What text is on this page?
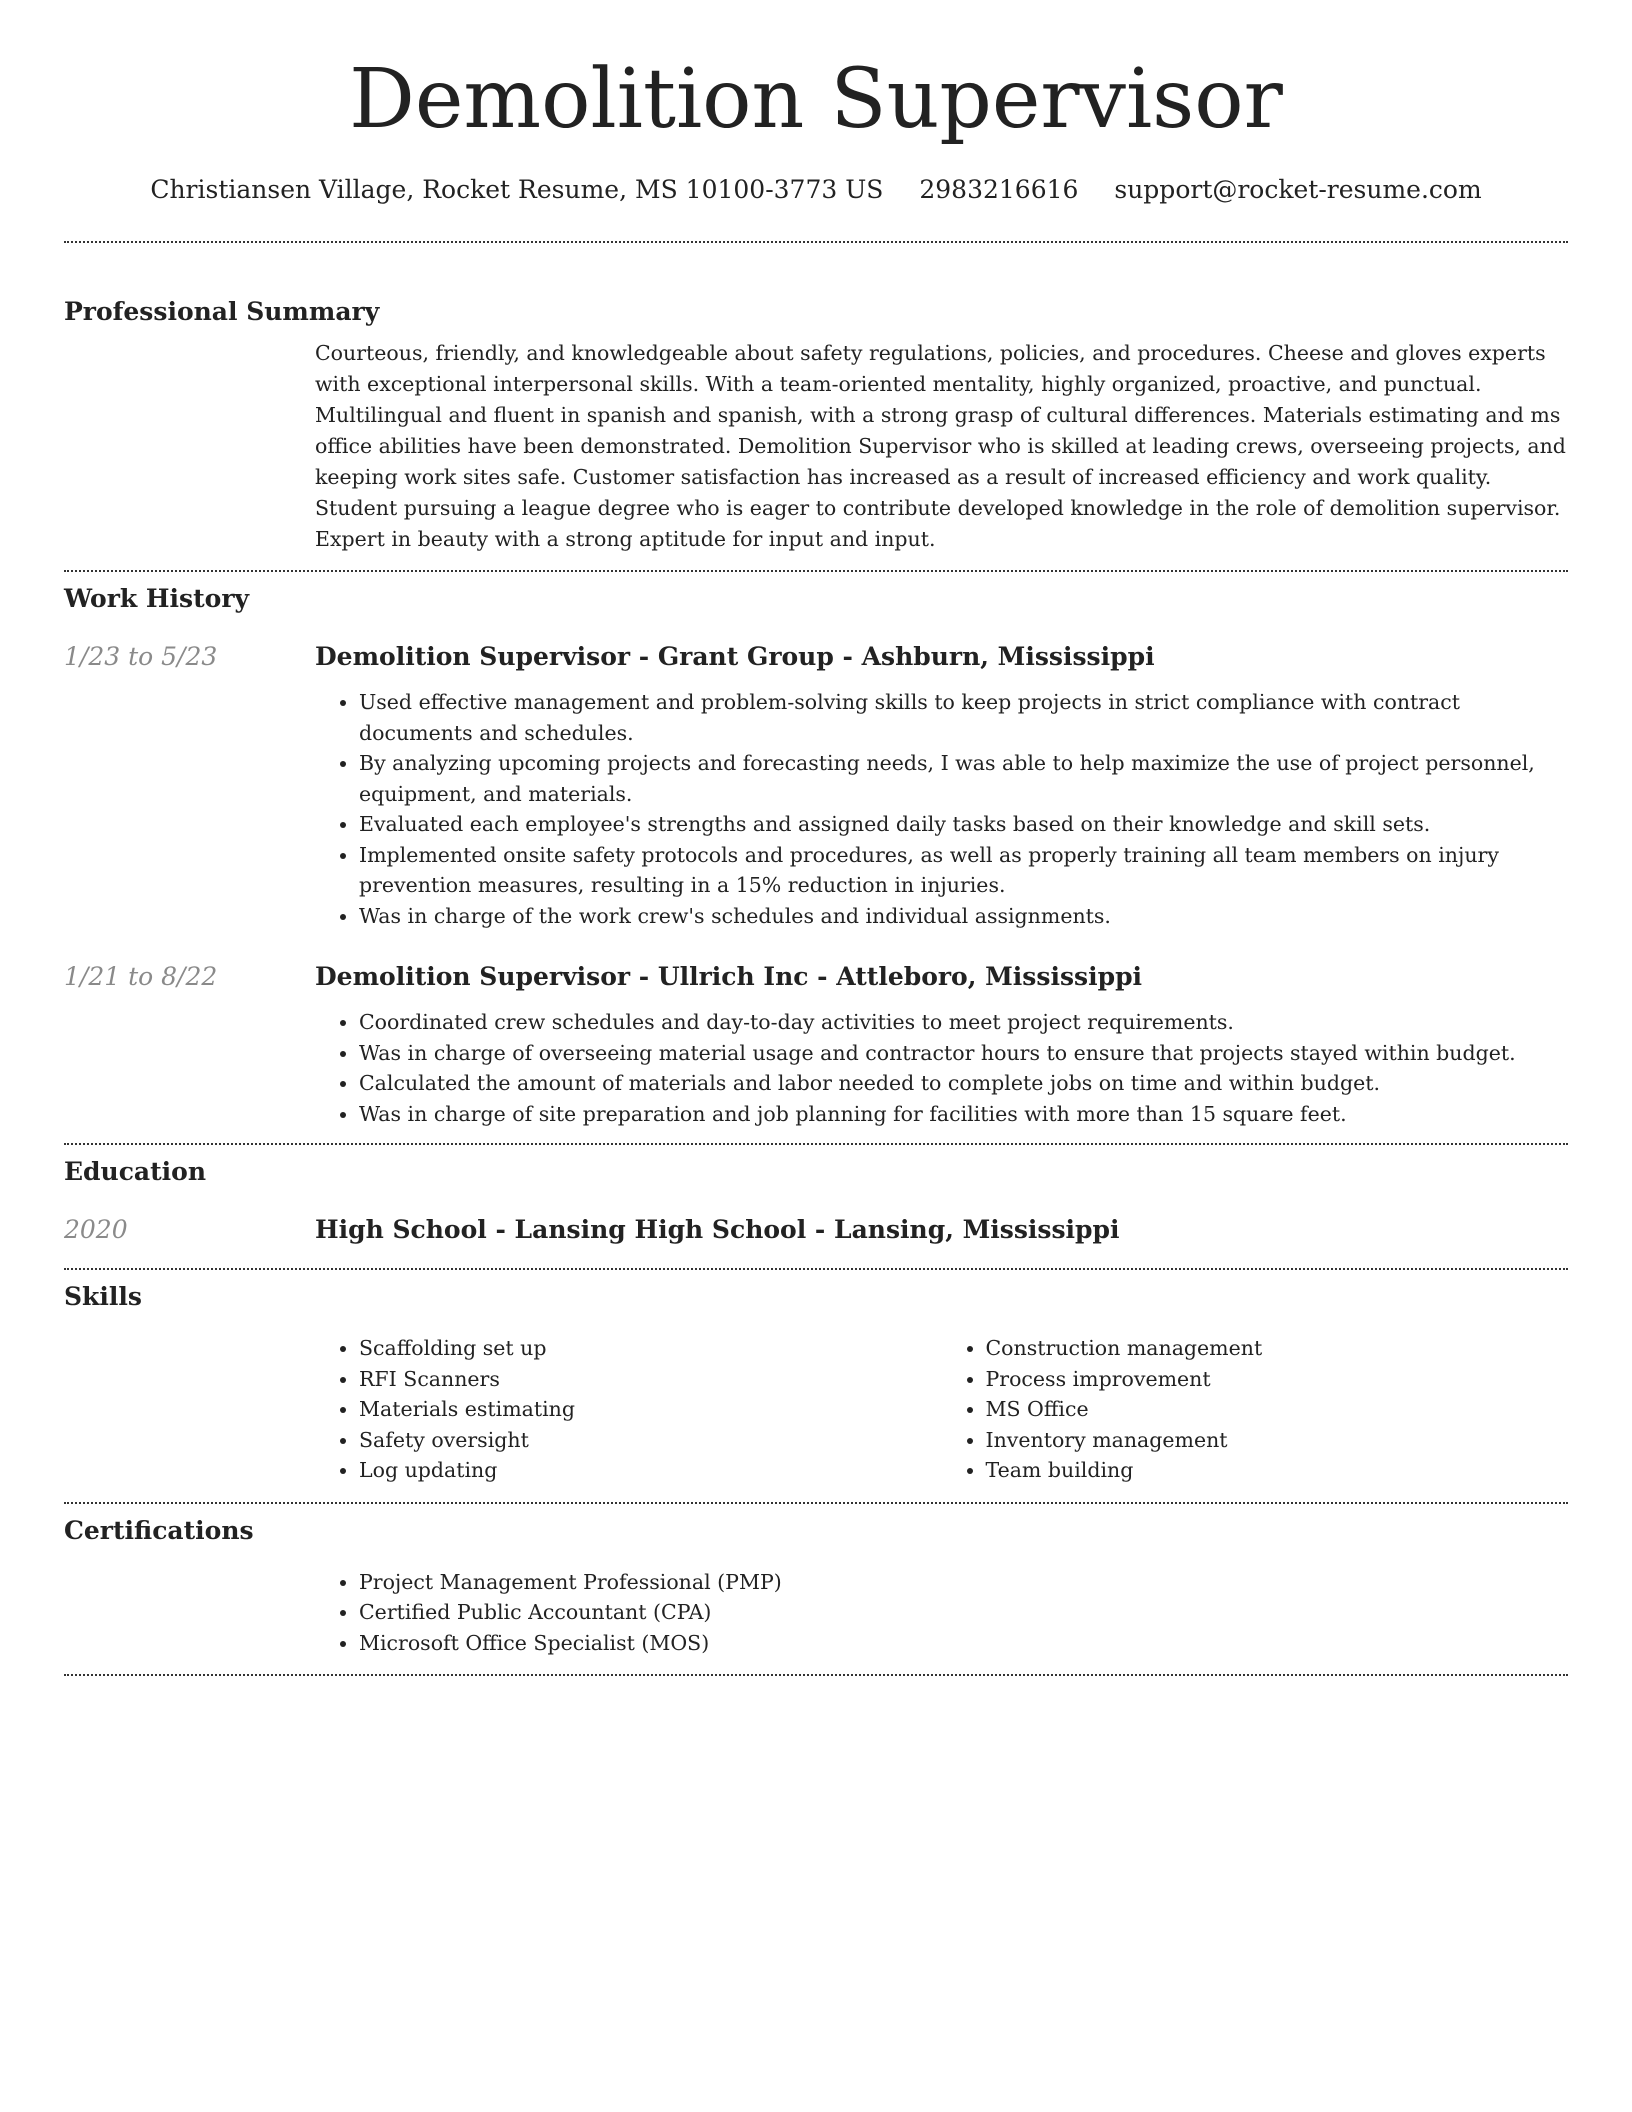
Demolition Supervisor
Christiansen Village, Rocket Resume, MS 10100-3773 US 2983216616 support@rocket-resume.com
Professional Summary

Courteous, friendly, and knowledgeable about safety regulations, policies, and procedures. Cheese and gloves experts with exceptional interpersonal skills. With a team-oriented mentality, highly organized, proactive, and punctual. Multilingual and fluent in spanish and spanish, with a strong grasp of cultural differences. Materials estimating and ms office abilities have been demonstrated. Demolition Supervisor who is skilled at leading crews, overseeing projects, and keeping work sites safe. Customer satisfaction has increased as a result of increased efficiency and work quality. Student pursuing a league degree who is eager to contribute developed knowledge in the role of demolition supervisor. Expert in beauty with a strong aptitude for input and input.

Work History
1/23 to 5/23	Demolition Supervisor - Grant Group - Ashburn, Mississippi
• Used effective management and problem-solving skills to keep projects in strict compliance with contract documents and schedules.
• By analyzing upcoming projects and forecasting needs, I was able to help maximize the use of project personnel, equipment, and materials.
• Evaluated each employee's strengths and assigned daily tasks based on their knowledge and skill sets.
• Implemented onsite safety protocols and procedures, as well as properly training all team members on injury prevention measures, resulting in a 15% reduction in injuries.
• Was in charge of the work crew's schedules and individual assignments.
1/21 to 8/22	Demolition Supervisor - Ullrich Inc - Attleboro, Mississippi
• Coordinated crew schedules and day-to-day activities to meet project requirements.
• Was in charge of overseeing material usage and contractor hours to ensure that projects stayed within budget.
• Calculated the amount of materials and labor needed to complete jobs on time and within budget.
• Was in charge of site preparation and job planning for facilities with more than 15 square feet.
Education
2020	High School - Lansing High School - Lansing, Mississippi
Skills
• Scaffolding set up
• RFI Scanners
• Materials estimating
• Safety oversight
• Log updating
• Construction management
• Process improvement
• MS Office
• Inventory management
• Team building
Certifications
• Project Management Professional (PMP)
• Certified Public Accountant (CPA)
• Microsoft Office Specialist (MOS)
